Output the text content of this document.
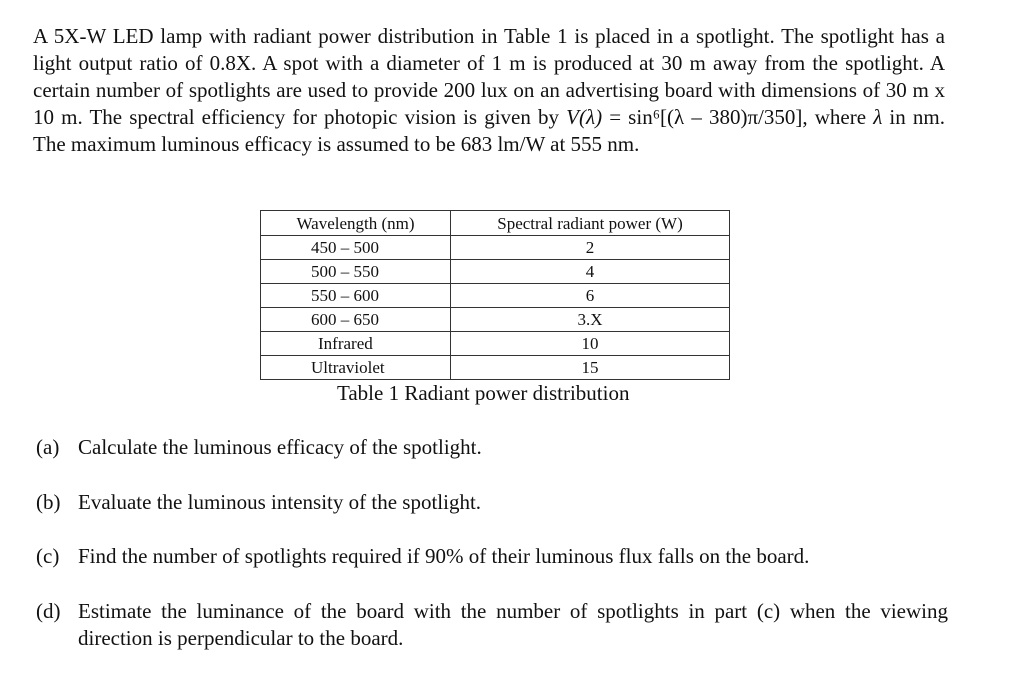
A 5X-W LED lamp with radiant power distribution in Table 1 is placed in a spotlight. The spotlight has a light output ratio of 0.8X. A spot with a diameter of 1 m is produced at 30 m away from the spotlight. A certain number of spotlights are used to provide 200 lux on an advertising board with dimensions of 30 m x 10 m. The spectral efficiency for photopic vision is given by V(λ) = sin⁶[(λ – 380)π/350], where λ in nm. The maximum luminous efficacy is assumed to be 683 lm/W at 555 nm.

Wavelength (nm)	Spectral radiant power (W)
450 – 500	2
500 – 550	4
550 – 600	6
600 – 650	3.X
Infrared	10
Ultraviolet	15

Table 1 Radiant power distribution

(a) Calculate the luminous efficacy of the spotlight.
(b) Evaluate the luminous intensity of the spotlight.
(c) Find the number of spotlights required if 90% of their luminous flux falls on the board.
(d) Estimate the luminance of the board with the number of spotlights in part (c) when the viewing direction is perpendicular to the board.
